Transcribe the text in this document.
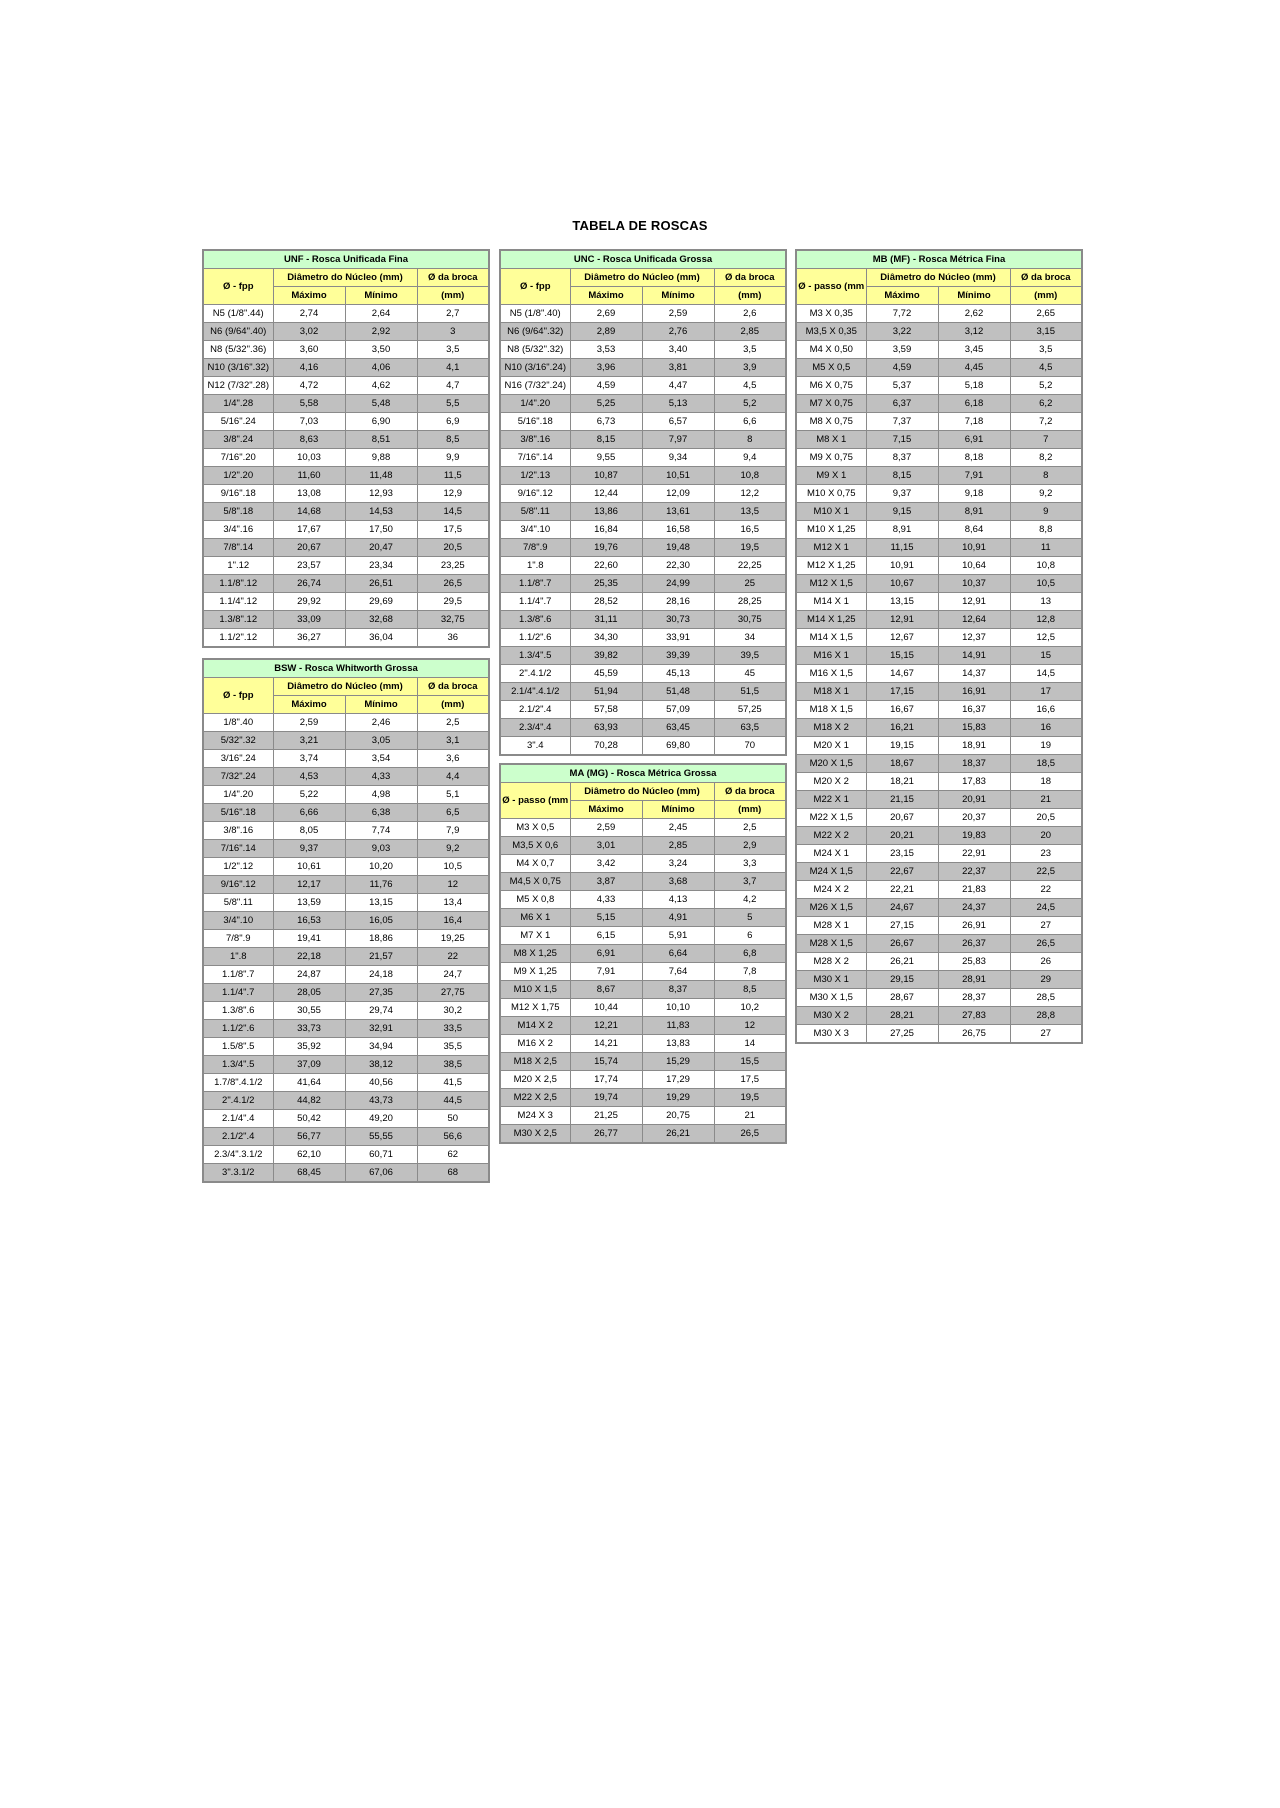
TABELA DE ROSCAS
UNF - Rosca Unificada Fina			
Ø - fpp	Diâmetro do Núcleo (mm)		Ø da broca
	Máximo	Mínimo	(mm)
N5 (1/8".44)	2,74	2,64	2,7
N6 (9/64".40)	3,02	2,92	3
N8 (5/32".36)	3,60	3,50	3,5
N10 (3/16".32)	4,16	4,06	4,1
N12 (7/32".28)	4,72	4,62	4,7
1/4".28	5,58	5,48	5,5
5/16".24	7,03	6,90	6,9
3/8".24	8,63	8,51	8,5
7/16".20	10,03	9,88	9,9
1/2".20	11,60	11,48	11,5
9/16".18	13,08	12,93	12,9
5/8".18	14,68	14,53	14,5
3/4".16	17,67	17,50	17,5
7/8".14	20,67	20,47	20,5
1".12	23,57	23,34	23,25
1.1/8".12	26,74	26,51	26,5
1.1/4".12	29,92	29,69	29,5
1.3/8".12	33,09	32,68	32,75
1.1/2".12	36,27	36,04	36
UNC - Rosca Unificada Grossa			
Ø - fpp	Diâmetro do Núcleo (mm)		Ø da broca
	Máximo	Mínimo	(mm)
N5 (1/8".40)	2,69	2,59	2,6
N6 (9/64".32)	2,89	2,76	2,85
N8 (5/32".32)	3,53	3,40	3,5
N10 (3/16".24)	3,96	3,81	3,9
N16 (7/32".24)	4,59	4,47	4,5
1/4".20	5,25	5,13	5,2
5/16".18	6,73	6,57	6,6
3/8".16	8,15	7,97	8
7/16".14	9,55	9,34	9,4
1/2".13	10,87	10,51	10,8
9/16".12	12,44	12,09	12,2
5/8".11	13,86	13,61	13,5
3/4".10	16,84	16,58	16,5
7/8".9	19,76	19,48	19,5
1".8	22,60	22,30	22,25
1.1/8".7	25,35	24,99	25
1.1/4".7	28,52	28,16	28,25
1.3/8".6	31,11	30,73	30,75
1.1/2".6	34,30	33,91	34
1.3/4".5	39,82	39,39	39,5
2".4.1/2	45,59	45,13	45
2.1/4".4.1/2	51,94	51,48	51,5
2.1/2".4	57,58	57,09	57,25
2.3/4".4	63,93	63,45	63,5
3".4	70,28	69,80	70
MB (MF) - Rosca Métrica Fina			
Ø - passo (mm	Diâmetro do Núcleo (mm)		Ø da broca
	Máximo	Mínimo	(mm)
M3 X 0,35	7,72	2,62	2,65
M3,5 X 0,35	3,22	3,12	3,15
M4 X 0,50	3,59	3,45	3,5
M5 X 0,5	4,59	4,45	4,5
M6 X 0,75	5,37	5,18	5,2
M7 X 0,75	6,37	6,18	6,2
M8 X 0,75	7,37	7,18	7,2
M8 X 1	7,15	6,91	7
M9 X 0,75	8,37	8,18	8,2
M9 X 1	8,15	7,91	8
M10 X 0,75	9,37	9,18	9,2
M10 X 1	9,15	8,91	9
M10 X 1,25	8,91	8,64	8,8
M12 X 1	11,15	10,91	11
M12 X 1,25	10,91	10,64	10,8
M12 X 1,5	10,67	10,37	10,5
M14 X 1	13,15	12,91	13
M14 X 1,25	12,91	12,64	12,8
M14 X 1,5	12,67	12,37	12,5
M16 X 1	15,15	14,91	15
M16 X 1,5	14,67	14,37	14,5
M18 X 1	17,15	16,91	17
M18 X 1,5	16,67	16,37	16,6
M18 X 2	16,21	15,83	16
M20 X 1	19,15	18,91	19
M20 X 1,5	18,67	18,37	18,5
M20 X 2	18,21	17,83	18
M22 X 1	21,15	20,91	21
M22 X 1,5	20,67	20,37	20,5
M22 X 2	20,21	19,83	20
M24 X 1	23,15	22,91	23
M24 X 1,5	22,67	22,37	22,5
M24 X 2	22,21	21,83	22
M26 X 1,5	24,67	24,37	24,5
M28 X 1	27,15	26,91	27
M28 X 1,5	26,67	26,37	26,5
M28 X 2	26,21	25,83	26
M30 X 1	29,15	28,91	29
M30 X 1,5	28,67	28,37	28,5
M30 X 2	28,21	27,83	28,8
M30 X 3	27,25	26,75	27
BSW - Rosca Whitworth Grossa			
Ø - fpp	Diâmetro do Núcleo (mm)		Ø da broca
	Máximo	Mínimo	(mm)
1/8".40	2,59	2,46	2,5
5/32".32	3,21	3,05	3,1
3/16".24	3,74	3,54	3,6
7/32".24	4,53	4,33	4,4
1/4".20	5,22	4,98	5,1
5/16".18	6,66	6,38	6,5
3/8".16	8,05	7,74	7,9
7/16".14	9,37	9,03	9,2
1/2".12	10,61	10,20	10,5
9/16".12	12,17	11,76	12
5/8".11	13,59	13,15	13,4
3/4".10	16,53	16,05	16,4
7/8".9	19,41	18,86	19,25
1".8	22,18	21,57	22
1.1/8".7	24,87	24,18	24,7
1.1/4".7	28,05	27,35	27,75
1.3/8".6	30,55	29,74	30,2
1.1/2".6	33,73	32,91	33,5
1.5/8".5	35,92	34,94	35,5
1.3/4".5	37,09	38,12	38,5
1.7/8".4.1/2	41,64	40,56	41,5
2".4.1/2	44,82	43,73	44,5
2.1/4".4	50,42	49,20	50
2.1/2".4	56,77	55,55	56,6
2.3/4".3.1/2	62,10	60,71	62
3".3.1/2	68,45	67,06	68
MA (MG) - Rosca Métrica Grossa			
Ø - passo (mm	Diâmetro do Núcleo (mm)		Ø da broca
	Máximo	Mínimo	(mm)
M3 X 0,5	2,59	2,45	2,5
M3,5 X 0,6	3,01	2,85	2,9
M4 X 0,7	3,42	3,24	3,3
M4,5 X 0,75	3,87	3,68	3,7
M5 X 0,8	4,33	4,13	4,2
M6 X 1	5,15	4,91	5
M7 X 1	6,15	5,91	6
M8 X 1,25	6,91	6,64	6,8
M9 X 1,25	7,91	7,64	7,8
M10 X 1,5	8,67	8,37	8,5
M12 X 1,75	10,44	10,10	10,2
M14 X 2	12,21	11,83	12
M16 X 2	14,21	13,83	14
M18 X 2,5	15,74	15,29	15,5
M20 X 2,5	17,74	17,29	17,5
M22 X 2,5	19,74	19,29	19,5
M24 X 3	21,25	20,75	21
M30 X 2,5	26,77	26,21	26,5
